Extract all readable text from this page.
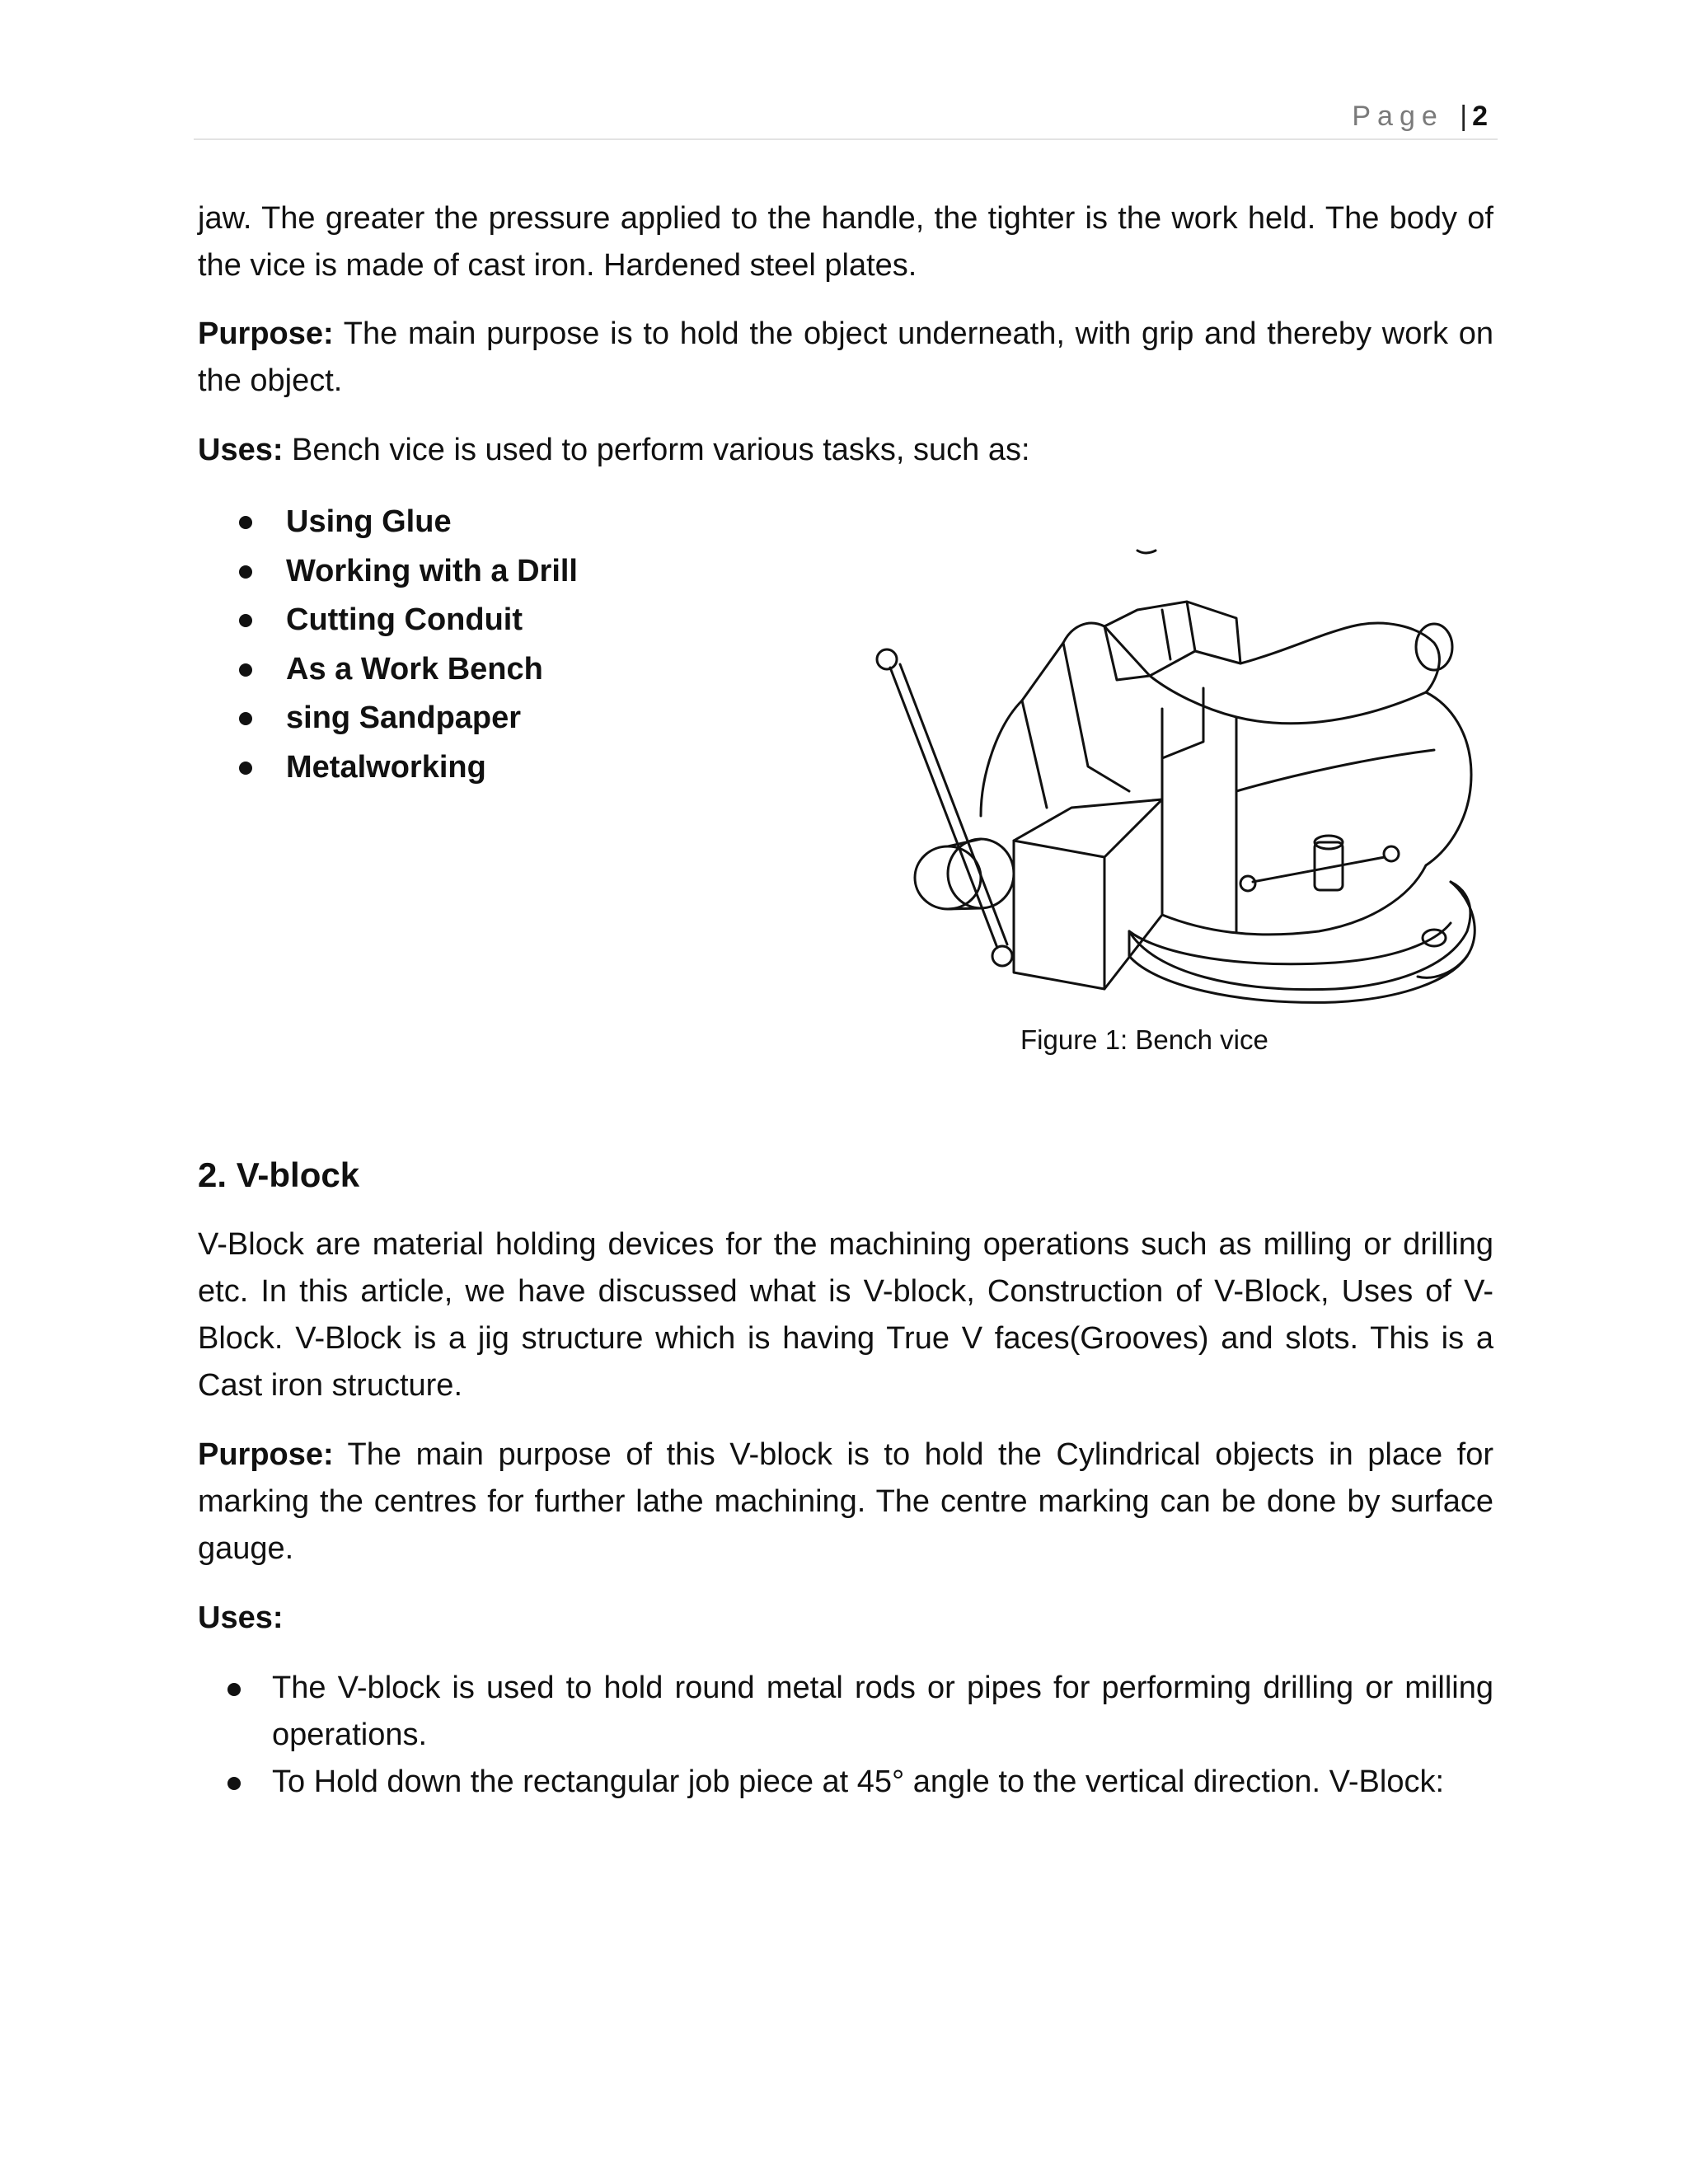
Page | 2

jaw. The greater the pressure applied to the handle, the tighter is the work held. The body of the vice is made of cast iron. Hardened steel plates.

Purpose: The main purpose is to hold the object underneath, with grip and thereby work on the object.

Uses: Bench vice is used to perform various tasks, such as:

Using Glue
Working with a Drill
Cutting Conduit
As a Work Bench
sing Sandpaper
Metalworking
Figure 1: Bench vice
2. V-block

V-Block are material holding devices for the machining operations such as milling or drilling etc. In this article, we have discussed what is V-block, Construction of V-Block, Uses of V-Block. V-Block is a jig structure which is having True V faces(Grooves) and slots. This is a Cast iron structure.

Purpose: The main purpose of this V-block is to hold the Cylindrical objects in place for marking the centres for further lathe machining. The centre marking can be done by surface gauge.

Uses:

The V-block is used to hold round metal rods or pipes for performing drilling or milling operations.
To Hold down the rectangular job piece at 45° angle to the vertical direction. V-Block:
